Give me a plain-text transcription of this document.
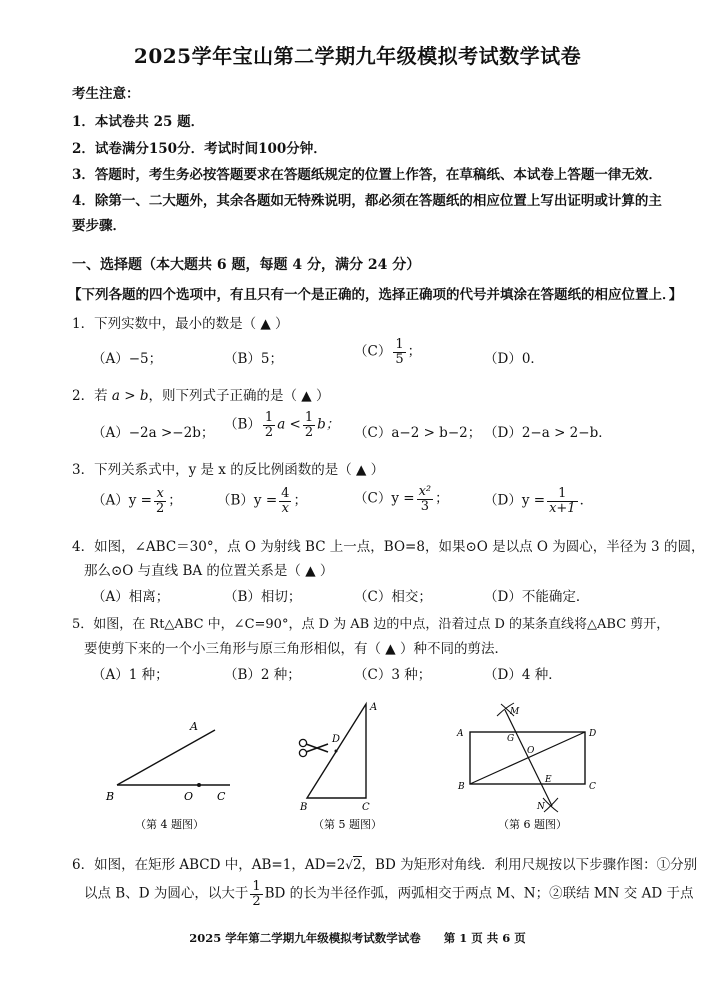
2025学年宝山第二学期九年级模拟考试数学试卷
考生注意：
1．本试卷共 25 题．
2．试卷满分150分．考试时间100分钟．
3．答题时，考生务必按答题要求在答题纸规定的位置上作答，在草稿纸、本试卷上答题一律无效．
4．除第一、二大题外，其余各题如无特殊说明，都必须在答题纸的相应位置上写出证明或计算的主
要步骤．
一、选择题（本大题共 6 题，每题 4 分，满分 24 分）
【下列各题的四个选项中，有且只有一个是正确的，选择正确项的代号并填涂在答题纸的相应位置上．】
1．下列实数中，最小的数是（ ▲ ）
（A）−5；	（B）5；	$(C) \frac{1}{5}$ ；	（D）0．
2．若 a > b，则下列式子正确的是（ ▲ ）
（A）−2a >−2b；
$(B) \frac{1}{2}$ $a < \frac{1}{2}$ b；
（C）a−2 > b−2； （D）2−a > 2−b．
3．下列关系式中，y 是 x 的反比例函数的是（ ▲ ）
$(A)y = \frac{x}{2}$ ；	$(B)y = \frac{4}{x}$ ；	$(C)y = \frac{\text{x²}}{3}$ ；	$(D)y = \frac{1}{x+1}$ ．
4．如图，∠ABC＝30°，点 O 为射线 BC 上一点，BO=8，如果⊙O 是以点 O 为圆心，半径为 3 的圆，
那么⊙O 与直线 BA 的位置关系是（ ▲ ）
（A）相离；	（B）相切；	（C）相交；	（D）不能确定．
5．如图，在 Rt△ABC 中，∠C=90°，点 D 为 AB 边的中点，沿着过点 D 的某条直线将△ABC 剪开，
要使剪下来的一个小三角形与原三角形相似，有（ ▲ ）种不同的剪法．
（A）1 种；	（B）2 种；	（C）3 种；	（D）4 种．
A
B	O C
（第 4 题图）
A
D
B	C
（第 5 题图）
A	D
B	C
M
N
G
O
E
（第 6 题图）
6．如图，在矩形 ABCD 中，AB=1，AD=2√2，BD 为矩形对角线．利用尺规按以下步骤作图：①分别
以点 B、D 为圆心，以大于 $\frac{1}{2}$ BD 的长为半径作弧，两弧相交于两点 M、N；②联结 MN 交 AD 于点
2025 学年第二学期九年级模拟考试数学试卷　　第 1 页 共 6 页
